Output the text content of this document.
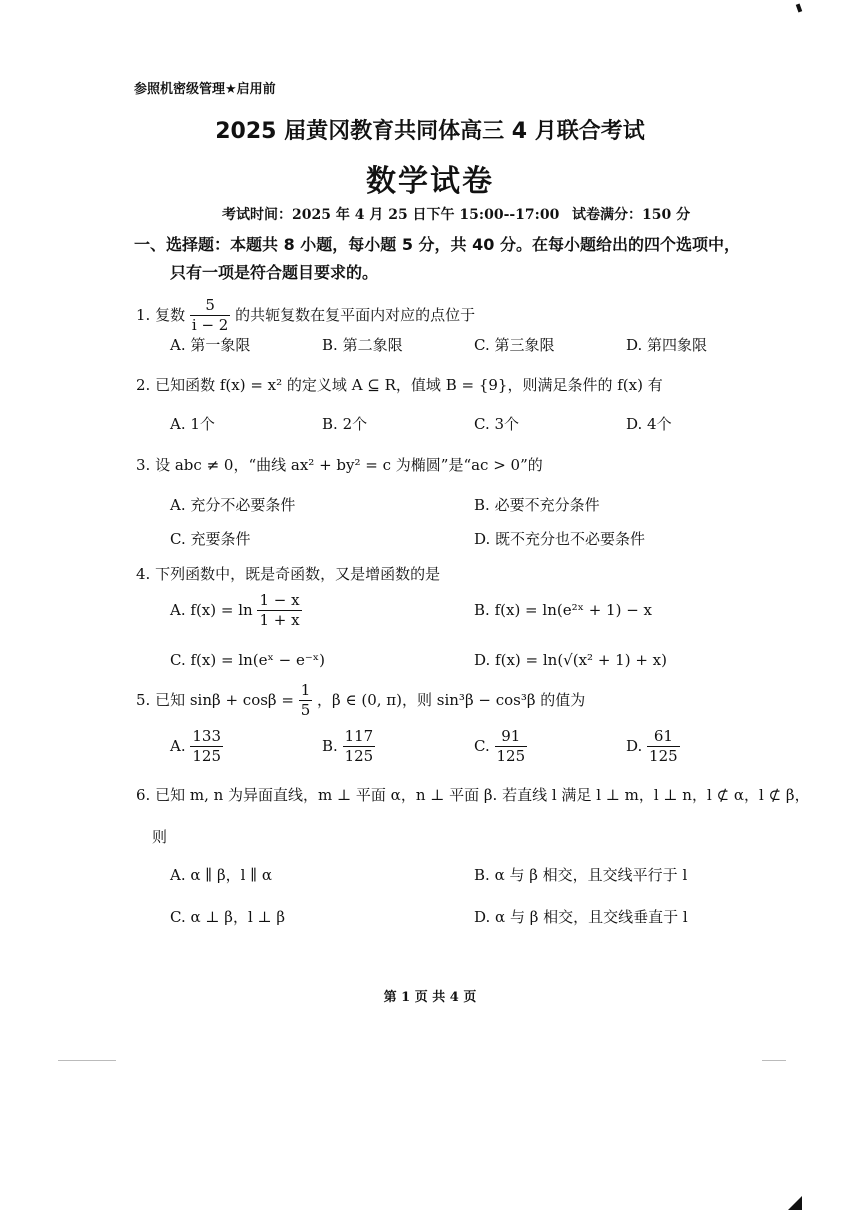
参照机密级管理★启用前
2025 届黄冈教育共同体高三 4 月联合考试
数学试卷
考试时间：2025 年 4 月 25 日下午 15:00--17:00 试卷满分：150 分
一、选择题：本题共 8 小题，每小题 5 分，共 40 分。在每小题给出的四个选项中，
只有一项是符合题目要求的。
1. 复数 $\frac{5}{i - 2}$ 的共轭复数在复平面内对应的点位于
A. 第一象限	B. 第二象限	C. 第三象限	D. 第四象限
2. 已知函数 f(x) = x² 的定义域 A ⊆ R，值域 B = {9}，则满足条件的 f(x) 有
A. 1个	B. 2个	C. 3个	D. 4个
3. 设 abc ≠ 0，“曲线 ax² + by² = c 为椭圆”是“ac > 0”的
A. 充分不必要条件	B. 必要不充分条件
C. 充要条件	D. 既不充分也不必要条件
4. 下列函数中，既是奇函数，又是增函数的是
A. $f(x) = \ln \frac{1 - x}{1 + x}$	B. f(x) = ln(e²ˣ + 1) − x
C. f(x) = ln(eˣ − e⁻ˣ)	D. f(x) = ln(√(x² + 1) + x)
5. 已知 $\sin\beta + \cos\beta = \frac{1}{5}$ ，β ∈ (0, π)，则 sin³β − cos³β 的值为
A. $\frac{133}{125}$	B. $\frac{117}{125}$	C. $\frac{91}{125}$	D. $\frac{61}{125}$
6. 已知 m, n 为异面直线，m ⊥ 平面 α，n ⊥ 平面 β. 若直线 l 满足 l ⊥ m，l ⊥ n，l ⊄ α，l ⊄ β，
则
A. α ∥ β，l ∥ α	B. α 与 β 相交，且交线平行于 l
C. α ⊥ β，l ⊥ β	D. α 与 β 相交，且交线垂直于 l
第 1 页 共 4 页
